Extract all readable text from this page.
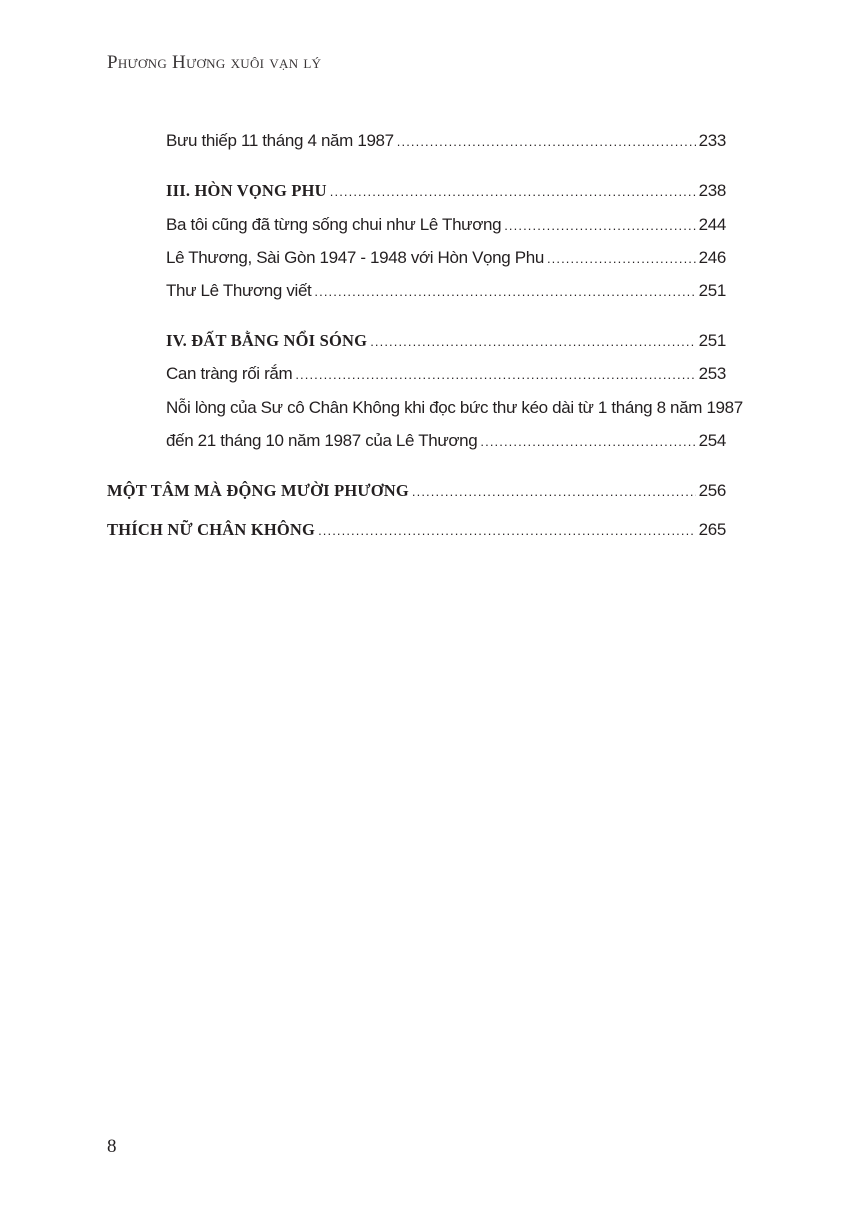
Phương Hương xuôi vạn lý
Bưu thiếp 11 tháng 4 năm 1987 .....	233
III. HÒN VỌNG PHU .....	238
Ba tôi cũng đã từng sống chui như Lê Thương .....	244
Lê Thương, Sài Gòn 1947 - 1948 với Hòn Vọng Phu .....	246
Thư Lê Thương viết .....	251
IV. ĐẤT BẰNG NỔI SÓNG .....	251
Can tràng rối rắm .....	253
Nỗi lòng của Sư cô Chân Không khi đọc bức thư kéo dài từ 1 tháng 8 năm 1987
đến 21 tháng 10 năm 1987 của Lê Thương .....	254
MỘT TÂM MÀ ĐỘNG MƯỜI PHƯƠNG .....	256
THÍCH NỮ CHÂN KHÔNG .....	265
8
